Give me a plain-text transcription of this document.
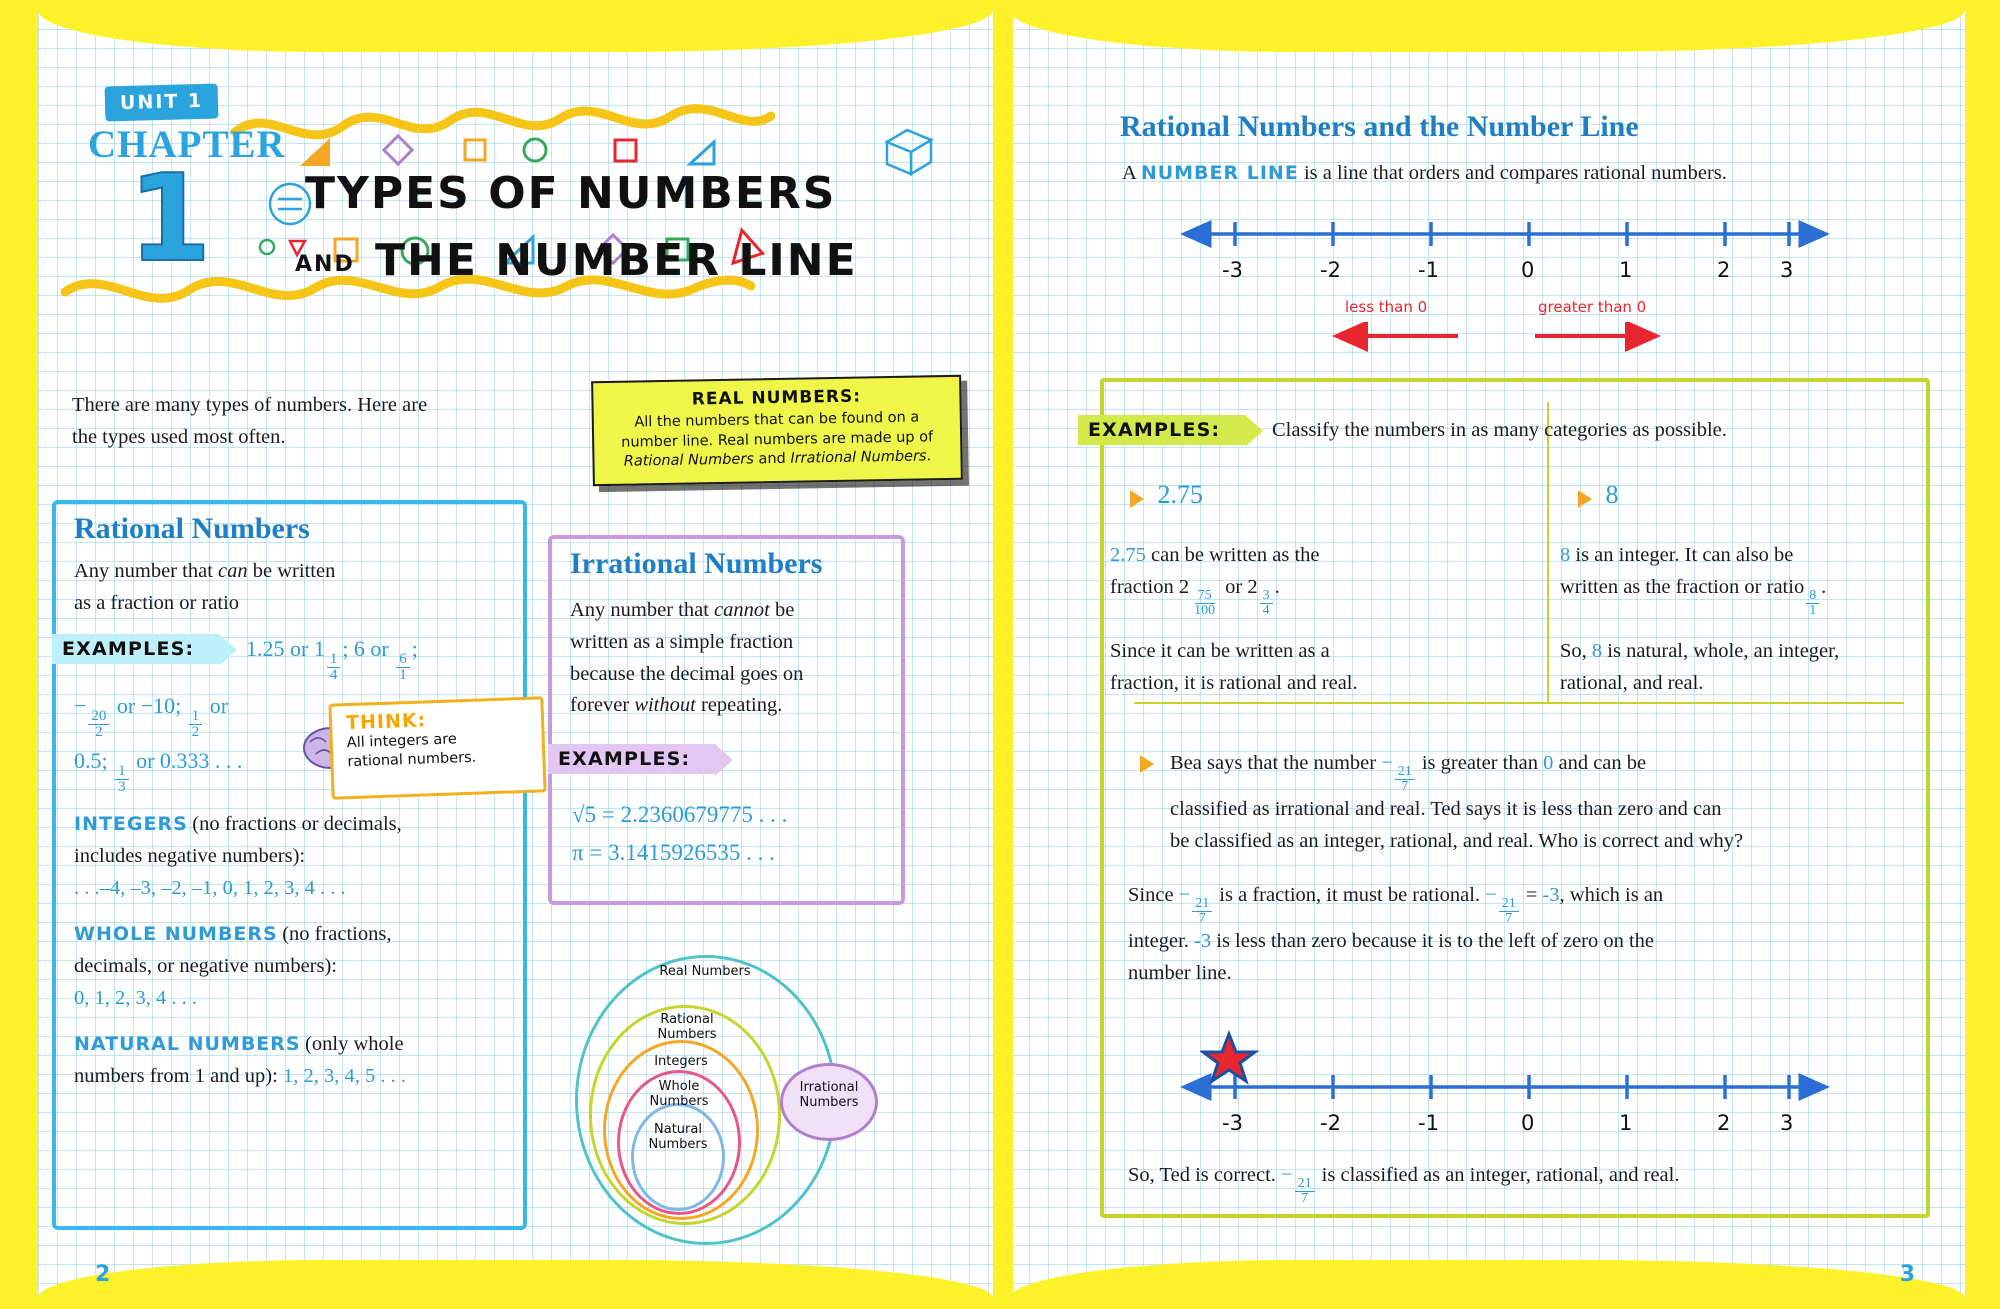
UNIT 1
CHAPTER
1 TYPES OF NUMBERS
AND THE NUMBER LINE
There are many types of numbers. Here are
the types used most often.
REAL NUMBERS:
All the numbers that can be found on a
number line. Real numbers are made up of
Rational Numbers and Irrational Numbers.
Rational Numbers
Any number that can be written
as a fraction or ratio
EXAMPLES:	1.25 or 1
$\frac{1}{4}$
; 6 or
$\frac{6}{1}$
;
−
$\frac{20}{2}$
or −10;
$\frac{1}{2}$
or
0.5;
$\frac{1}{3}$
or 0.333 . . .
INTEGERS (no fractions or decimals,
includes negative numbers):
. . .–4, –3, –2, –1, 0, 1, 2, 3, 4 . . .
WHOLE NUMBERS (no fractions,
decimals, or negative numbers):
0, 1, 2, 3, 4 . . .
NATURAL NUMBERS (only whole
numbers from 1 and up): 1, 2, 3, 4, 5 . . .
THINK:
All integers are
rational numbers.
Irrational Numbers
Any number that cannot be
written as a simple fraction
because the decimal goes on
forever without repeating.
EXAMPLES:
√5 = 2.2360679775 . . .
π = 3.1415926535 . . .
Real Numbers
Rational
Numbers
Integers
Whole
Numbers
Natural
Numbers
Irrational
Numbers
2
Rational Numbers and the Number Line
A NUMBER LINE is a line that orders and compares rational numbers.
-3	-2	-1	0	1	2 3
less than 0	greater than 0
EXAMPLES:	Classify the numbers in as many categories as possible.
2.75
2.75 can be written as the
fraction 2
$\frac{75}{100}$
or 2
$\frac{3}{4}$
.
Since it can be written as a
fraction, it is rational and real.
8
8 is an integer. It can also be
written as the fraction or ratio
$\frac{8}{1}$
.
So, 8 is natural, whole, an integer,
rational, and real.
Bea says that the number −
$\frac{21}{7}$
is greater than 0 and can be
classified as irrational and real. Ted says it is less than zero and can
be classified as an integer, rational, and real. Who is correct and why?
Since −
$\frac{21}{7}$
is a fraction, it must be rational. −
$\frac{21}{7}$
= -3, which is an
integer. -3 is less than zero because it is to the left of zero on the
number line.
-3	-2	-1	0	1	2 3
So, Ted is correct. −
$\frac{21}{7}$
is classified as an integer, rational, and real.
3
